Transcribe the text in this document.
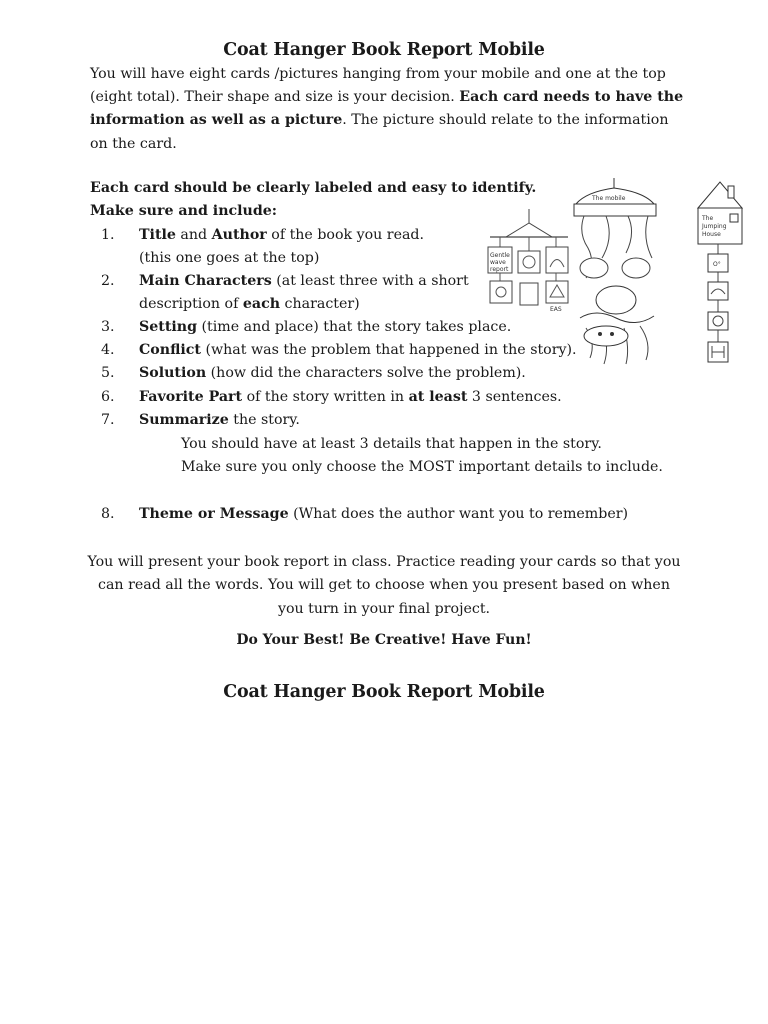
Coat Hanger Book Report Mobile

You will have eight cards /pictures hanging from your mobile and one at the top (eight total). Their shape and size is your decision. Each card needs to have the information as well as a picture. The picture should relate to the information on the card.

Each card should be clearly labeled and easy to identify.
Make sure and include:
1. Title and Author of the book you read.
(this one goes at the top)
2. Main Characters (at least three with a short
description of each character)
3. Setting (time and place) that the story takes place.
4. Conflict (what was the problem that happened in the story).
5. Solution (how did the characters solve the problem).
6. Favorite Part of the story written in at least 3 sentences.
7. Summarize the story.
You should have at least 3 details that happen in the story.
Make sure you only choose the MOST important details to include.
8. Theme or Message (What does the author want you to remember)

You will present your book report in class. Practice reading your cards so that you can read all the words. You will get to choose when you present based on when you turn in your final project.

Do Your Best! Be Creative! Have Fun!
Coat Hanger Book Report Mobile
Gentle
wave
report
EAS
The mobile
The
Jumping
House
O°
